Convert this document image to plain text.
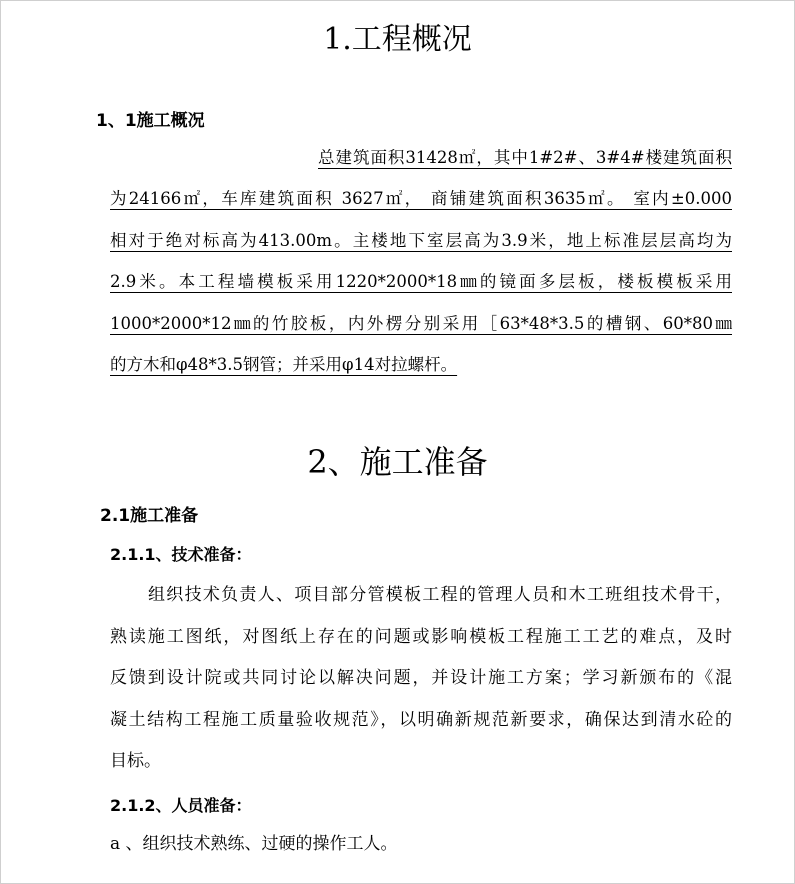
1.工程概况
1、1施工概况
总建筑面积31428㎡，其中1#2#、3#4#楼建筑面积
为24166㎡，车库建筑面积 3627㎡， 商铺建筑面积3635㎡。 室内±0.000
相对于绝对标高为413.00m。主楼地下室层高为3.9米，地上标准层层高均为
2.9米。本工程墙模板采用1220*2000*18㎜的镜面多层板，楼板模板采用
1000*2000*12㎜的竹胶板，内外楞分别采用［63*48*3.5的槽钢、60*80㎜
的方木和φ48*3.5钢管；并采用φ14对拉螺杆。
2、施工准备
2.1施工准备
2.1.1、技术准备：
组织技术负责人、项目部分管模板工程的管理人员和木工班组技术骨干，
熟读施工图纸，对图纸上存在的问题或影响模板工程施工工艺的难点，及时
反馈到设计院或共同讨论以解决问题，并设计施工方案；学习新颁布的《混
凝土结构工程施工质量验收规范》，以明确新规范新要求，确保达到清水砼的
目标。
2.1.2、人员准备：
a 、组织技术熟练、过硬的操作工人。
